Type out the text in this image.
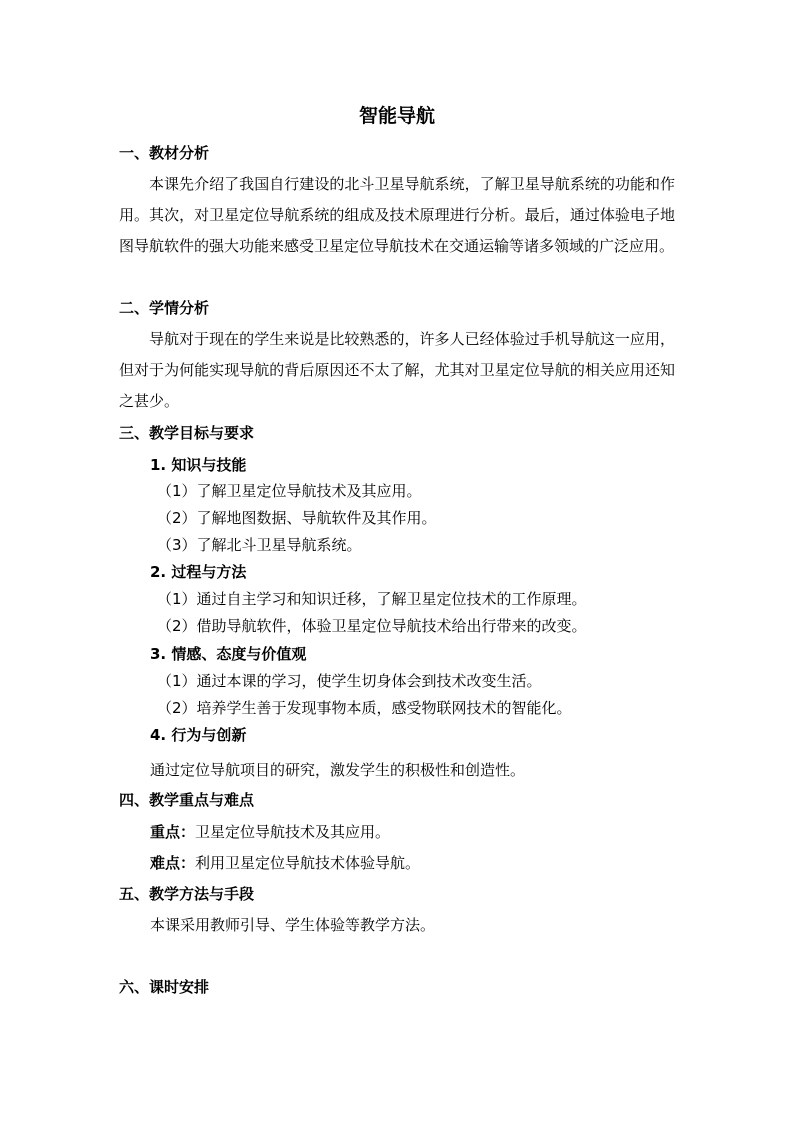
智能导航
一、教材分析
本课先介绍了我国自行建设的北斗卫星导航系统，了解卫星导航系统的功能和作用。其次，对卫星定位导航系统的组成及技术原理进行分析。最后，通过体验电子地图导航软件的强大功能来感受卫星定位导航技术在交通运输等诸多领域的广泛应用。
二、学情分析
导航对于现在的学生来说是比较熟悉的，许多人已经体验过手机导航这一应用，但对于为何能实现导航的背后原因还不太了解，尤其对卫星定位导航的相关应用还知之甚少。
三、教学目标与要求
1. 知识与技能
（1）了解卫星定位导航技术及其应用。
（2）了解地图数据、导航软件及其作用。
（3）了解北斗卫星导航系统。
2. 过程与方法
（1）通过自主学习和知识迁移，了解卫星定位技术的工作原理。
（2）借助导航软件，体验卫星定位导航技术给出行带来的改变。
3. 情感、态度与价值观
（1）通过本课的学习，使学生切身体会到技术改变生活。
（2）培养学生善于发现事物本质，感受物联网技术的智能化。
4. 行为与创新
通过定位导航项目的研究，激发学生的积极性和创造性。
四、教学重点与难点
重点：卫星定位导航技术及其应用。
难点：利用卫星定位导航技术体验导航。
五、教学方法与手段
本课采用教师引导、学生体验等教学方法。
六、课时安排
